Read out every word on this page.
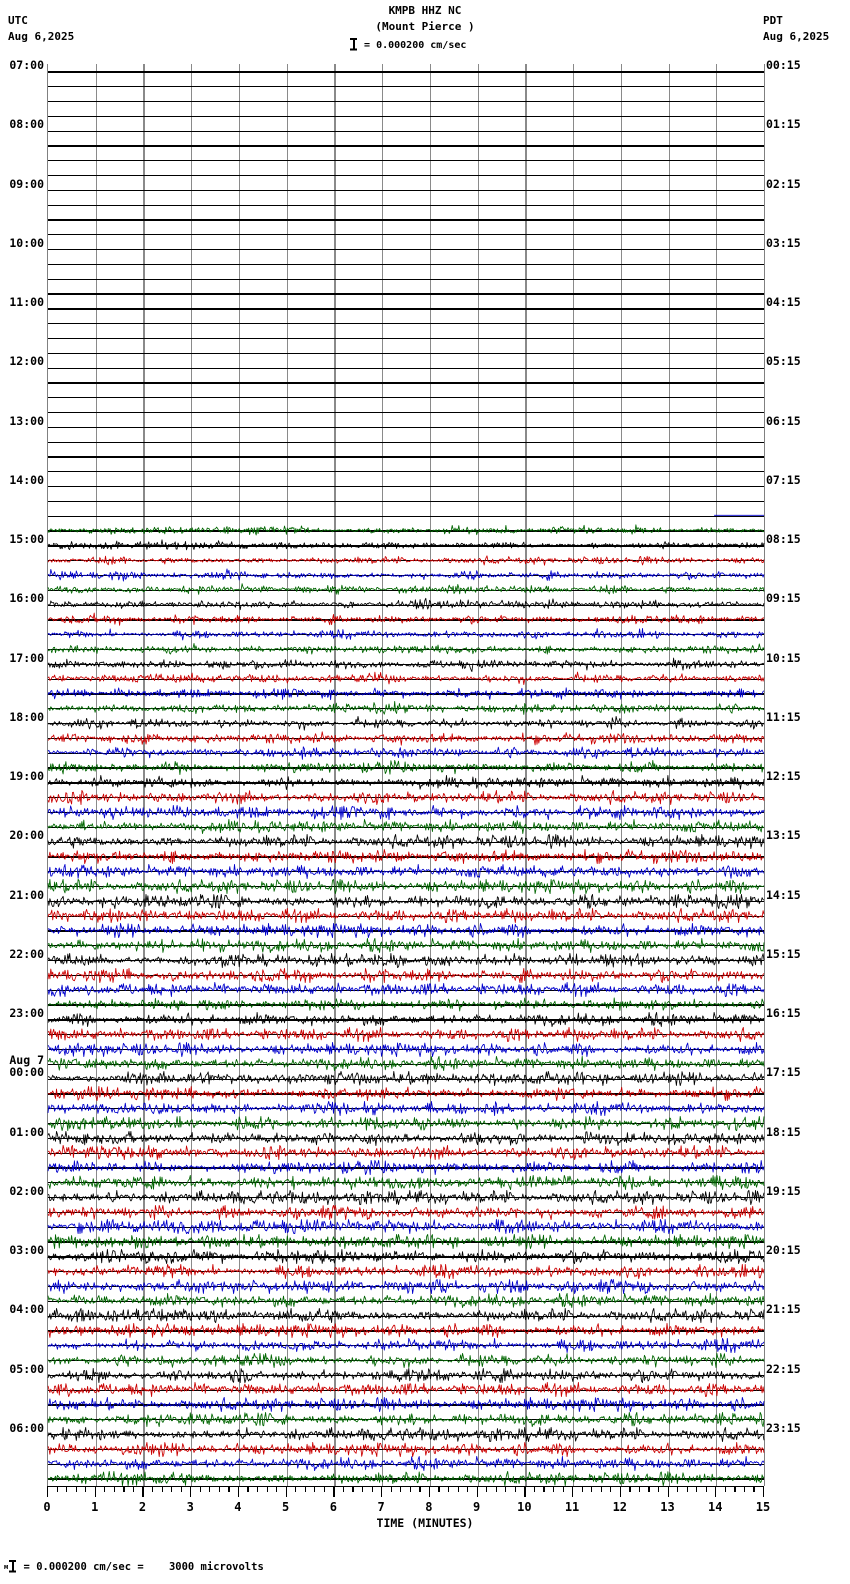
UTC
Aug 6,2025
PDT
Aug 6,2025
KMPB HHZ NC
(Mount Pierce )
= 0.000200 cm/sec
07:00
08:00
09:00
10:00
11:00
12:00
13:00
14:00
15:00
16:00
17:00
18:00
19:00
20:00
21:00
22:00
23:00
Aug 7
00:00
01:00
02:00
03:00
04:00
05:00
06:00
00:15
01:15
02:15
03:15
04:15
05:15
06:15
07:15
08:15
09:15
10:15
11:15
12:15
13:15
14:15
15:15
16:15
17:15
18:15
19:15
20:15
21:15
22:15
23:15
0	1	2	3	4	5	6	7	8	9	10	11	12	13	14	15
TIME (MINUTES)
м = 0.000200 cm/sec =    3000 microvolts
